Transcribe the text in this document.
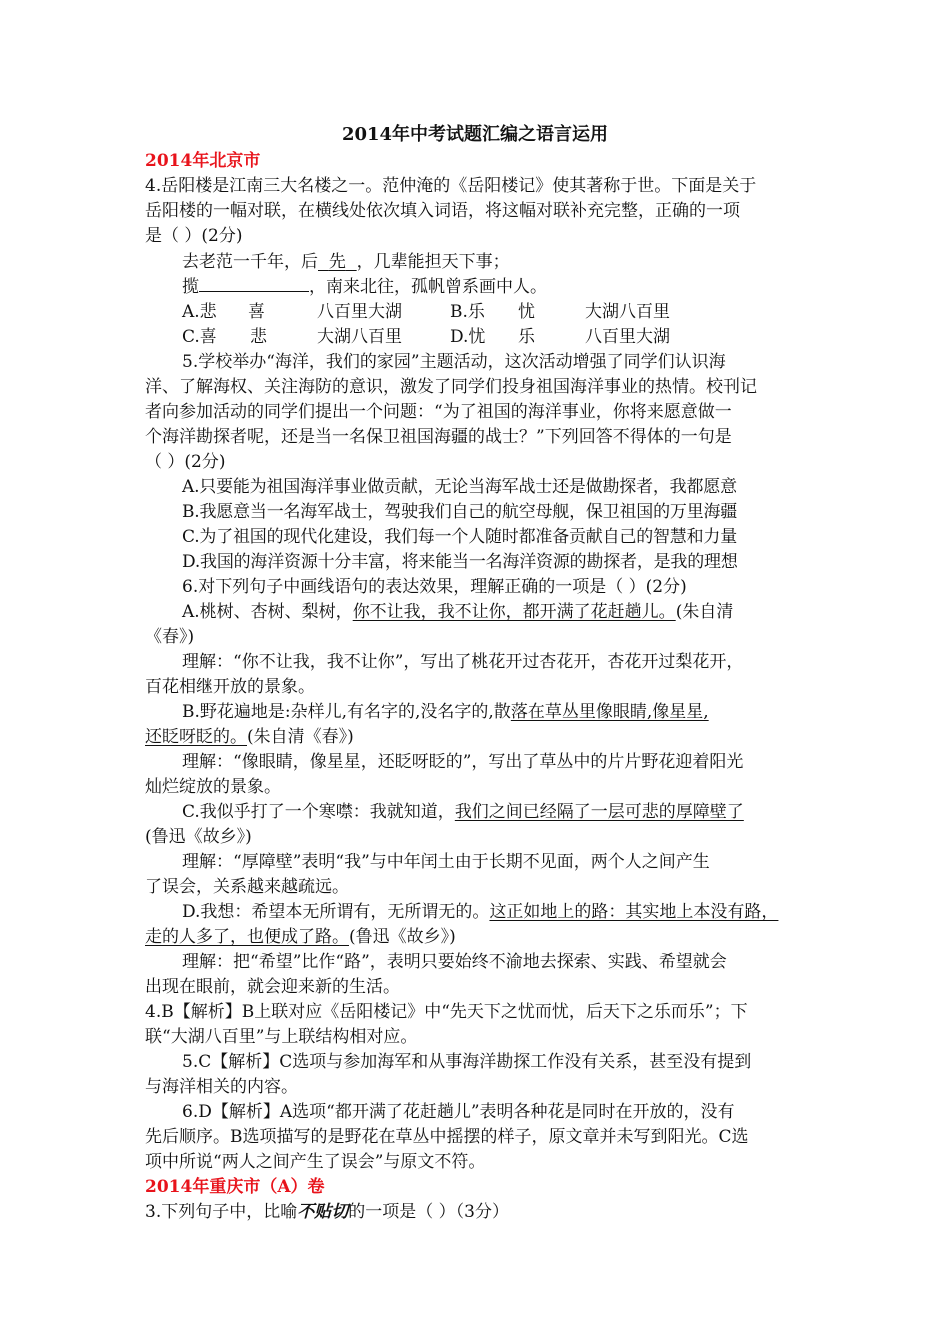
2014年中考试题汇编之语言运用
2014年北京市
4.岳阳楼是江南三大名楼之一。范仲淹的《岳阳楼记》使其著称于世。下面是关于
岳阳楼的一幅对联，在横线处依次填入词语，将这幅对联补充完整，正确的一项
是（ ）(2分)
去老范一千年，后 先 ，几辈能担天下事；
揽	，南来北往，孤帆曾系画中人。
A.悲 喜	八百里大湖	B.乐 忧	大湖八百里
C.喜 悲	大湖八百里	D.忧 乐	八百里大湖
5.学校举办“海洋，我们的家园”主题活动，这次活动增强了同学们认识海
洋、了解海权、关注海防的意识，激发了同学们投身祖国海洋事业的热情。校刊记
者向参加活动的同学们提出一个问题：“为了祖国的海洋事业，你将来愿意做一
个海洋勘探者呢，还是当一名保卫祖国海疆的战士？”下列回答不得体的一句是
（ ）(2分)
A.只要能为祖国海洋事业做贡献，无论当海军战士还是做勘探者，我都愿意
B.我愿意当一名海军战士，驾驶我们自己的航空母舰，保卫祖国的万里海疆
C.为了祖国的现代化建设，我们每一个人随时都准备贡献自己的智慧和力量
D.我国的海洋资源十分丰富，将来能当一名海洋资源的勘探者，是我的理想
6.对下列句子中画线语句的表达效果，理解正确的一项是（ ）(2分)
A.桃树、杏树、梨树，你不让我，我不让你，都开满了花赶趟儿。(朱自清
《春》)
理解：“你不让我，我不让你”，写出了桃花开过杏花开，杏花开过梨花开，
百花相继开放的景象。
B.野花遍地是:杂样儿,有名字的,没名字的,散落在草丛里像眼睛,像星星,
还眨呀眨的。(朱自清《春》)
理解：“像眼睛，像星星，还眨呀眨的”，写出了草丛中的片片野花迎着阳光
灿烂绽放的景象。
C.我似乎打了一个寒噤：我就知道，我们之间已经隔了一层可悲的厚障壁了
(鲁迅《故乡》)
理解：“厚障壁”表明“我”与中年闰土由于长期不见面，两个人之间产生
了误会，关系越来越疏远。
D.我想：希望本无所谓有，无所谓无的。这正如地上的路：其实地上本没有路，
走的人多了，也便成了路。(鲁迅《故乡》)
理解：把“希望”比作“路”，表明只要始终不渝地去探索、实践、希望就会
出现在眼前，就会迎来新的生活。
4.B【解析】B上联对应《岳阳楼记》中“先天下之忧而忧，后天下之乐而乐”；下
联“大湖八百里”与上联结构相对应。
5.C【解析】C选项与参加海军和从事海洋勘探工作没有关系，甚至没有提到
与海洋相关的内容。
6.D【解析】A选项“都开满了花赶趟儿”表明各种花是同时在开放的，没有
先后顺序。B选项描写的是野花在草丛中摇摆的样子，原文章并未写到阳光。C选
项中所说“两人之间产生了误会”与原文不符。
2014年重庆市（A）卷
3.下列句子中，比喻不贴切的一项是（ ）（3分）
